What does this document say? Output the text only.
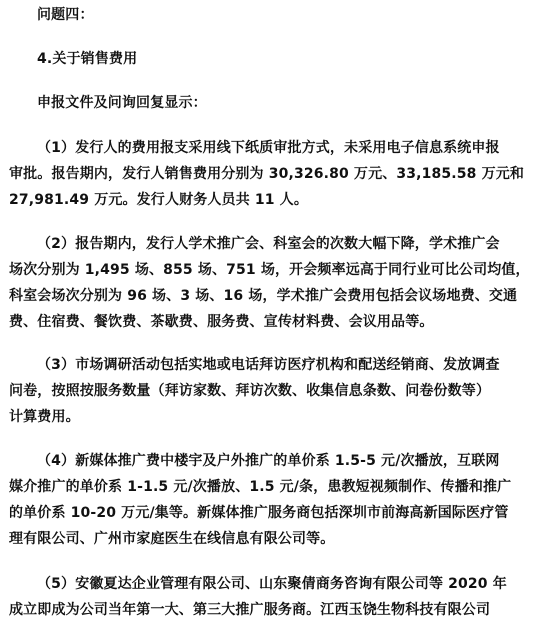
问题四：

4.关于销售费用

申报文件及问询回复显示：

（1）发行人的费用报支采用线下纸质审批方式，未采用电子信息系统申报

审批。报告期内，发行人销售费用分别为 30,326.80 万元、33,185.58 万元和

27,981.49 万元。发行人财务人员共 11 人。

（2）报告期内，发行人学术推广会、科室会的次数大幅下降，学术推广会

场次分别为 1,495 场、855 场、751 场，开会频率远高于同行业可比公司均值，

科室会场次分别为 96 场、3 场、16 场，学术推广会费用包括会议场地费、交通

费、住宿费、餐饮费、茶歇费、服务费、宣传材料费、会议用品等。

（3）市场调研活动包括实地或电话拜访医疗机构和配送经销商、发放调查

问卷，按照按服务数量（拜访家数、拜访次数、收集信息条数、问卷份数等）

计算费用。

（4）新媒体推广费中楼宇及户外推广的单价系 1.5-5 元/次播放，互联网

媒介推广的单价系 1-1.5 元/次播放、1.5 元/条，患教短视频制作、传播和推广

的单价系 10-20 万元/集等。新媒体推广服务商包括深圳市前海高新国际医疗管

理有限公司、广州市家庭医生在线信息有限公司等。

（5）安徽夏达企业管理有限公司、山东聚倩商务咨询有限公司等 2020 年

成立即成为公司当年第一大、第三大推广服务商。江西玉饶生物科技有限公司
